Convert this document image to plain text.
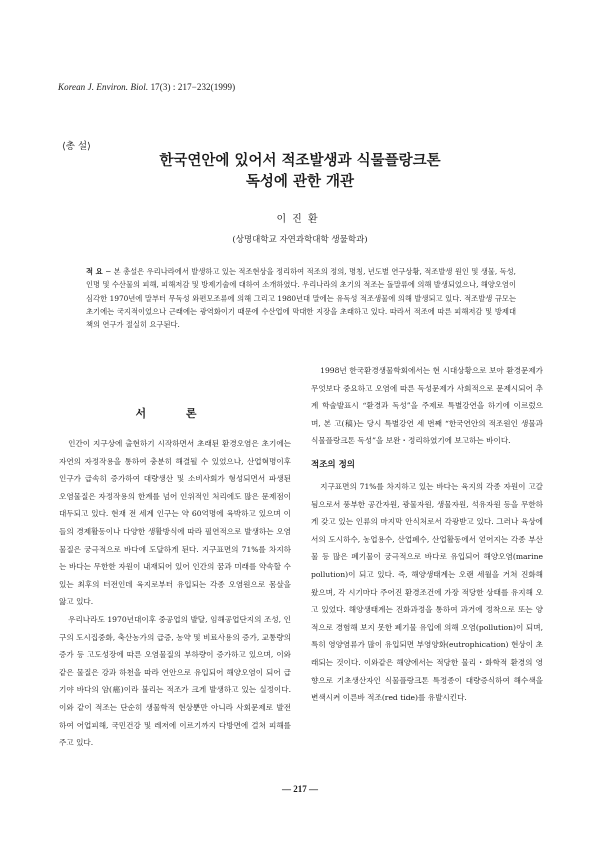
Korean J. Environ. Biol. 17(3) : 217−232(1999)
⟨총 설⟩
한국연안에 있어서 적조발생과 식물플랑크톤
독성에 관한 개관
이진환
(상명대학교 자연과학대학 생물학과)
적 요 − 본 총설은 우리나라에서 발생하고 있는 적조현상을 정리하여 적조의 정의, 명칭, 년도별 연구상황, 적조발생 원인 및 생물, 독성, 인명 및 수산물의 피해, 피해저감 및 방제기술에 대하여 소개하였다. 우리나라의 초기의 적조는 돌말류에 의해 발생되었으나, 해양오염이 심각한 1970년에 말부터 무독성 와편모조류에 의해 그리고 1980년대 말에는 유독성 적조생물에 의해 발생되고 있다. 적조발생 규모는 초기에는 국지적이었으나 근래에는 광역화이기 때문에 수산업에 막대한 지장을 초래하고 있다. 따라서 적조에 따른 피해저감 및 방제대책의 연구가 절실히 요구된다.
서 론

인간이 지구상에 출현하기 시작하면서 초래된 환경오염은 초기에는 자연의 자정작용을 통하여 충분히 해결될 수 있었으나, 산업혁명이후 인구가 급속히 증가하여 대량생산 및 소비사회가 형성되면서 파생된 오염물질은 자정작용의 한계를 넘어 인위적인 처리에도 많은 문제점이 대두되고 있다. 현재 전 세계 인구는 약 60억명에 육박하고 있으며 이들의 경제활동이나 다양한 생활방식에 따라 필연적으로 발생하는 오염물질은 궁극적으로 바다에 도달하게 된다. 지구표면의 71%를 차지하는 바다는 무한한 자원이 내재되어 있어 인간의 꿈과 미래를 약속할 수 있는 최후의 터전인데 육지로부터 유입되는 각종 오염원으로 몸살을 앓고 있다.

우리나라도 1970년대이후 중공업의 발달, 임해공업단지의 조성, 인구의 도시집중화, 축산농가의 급증, 농약 및 비료사용의 증가, 교통량의 증가 등 고도성장에 따른 오염물질의 부하량이 증가하고 있으며, 이와같은 물질은 강과 하천을 따라 연안으로 유입되어 해양오염이 되어 급기야 바다의 암(癌)이라 불리는 적조가 크게 발생하고 있는 실정이다. 이와 같이 적조는 단순히 생물학적 현상뿐만 아니라 사회문제로 발전하여 어업피해, 국민건강 및 레저에 이르기까지 다방면에 걸쳐 피해를 주고 있다.

1998년 한국환경생물학회에서는 현 시대상황으로 보아 환경문제가 무엇보다 중요하고 오염에 따른 독성문제가 사회적으로 문제시되어 추계 학술발표시 “환경과 독성”을 주제로 특별강연을 하기에 이르렀으며, 본 고(稿)는 당시 특별강연 세 번째 “한국연안의 적조원인 생물과 식물플랑크톤 독성”을 보완・정리하였기에 보고하는 바이다.

적조의 정의

지구표면의 71%를 차지하고 있는 바다는 육지의 각종 자원이 고갈됨으로서 풍부한 공간자원, 광물자원, 생물자원, 석유자원 등을 무한하게 갖고 있는 인류의 마지막 안식처로서 각광받고 있다. 그러나 육상에서의 도시하수, 농업용수, 산업폐수, 산업활동에서 얻어지는 각종 부산물 등 많은 폐기물이 궁극적으로 바다로 유입되어 해양오염(marine pollution)이 되고 있다. 즉, 해양생태계는 오랜 세월을 거쳐 진화해 왔으며, 각 시기마다 주어진 환경조건에 가장 적당한 상태를 유지해 오고 있었다. 해양생태계는 진화과정을 통하여 과거에 정착으로 또는 양적으로 경험해 보지 못한 폐기물 유입에 의해 오염(pollution)이 되며, 특히 영양염류가 많이 유입되면 부영양화(eutrophication) 현상이 초래되는 것이다. 이와같은 해양에서는 적당한 물리・화학적 환경의 영향으로 기초생산자인 식물플랑크톤 특정종이 대량증식하여 해수색을 변색시켜 이른바 적조(red tide)를 유발시킨다.

— 217 —
